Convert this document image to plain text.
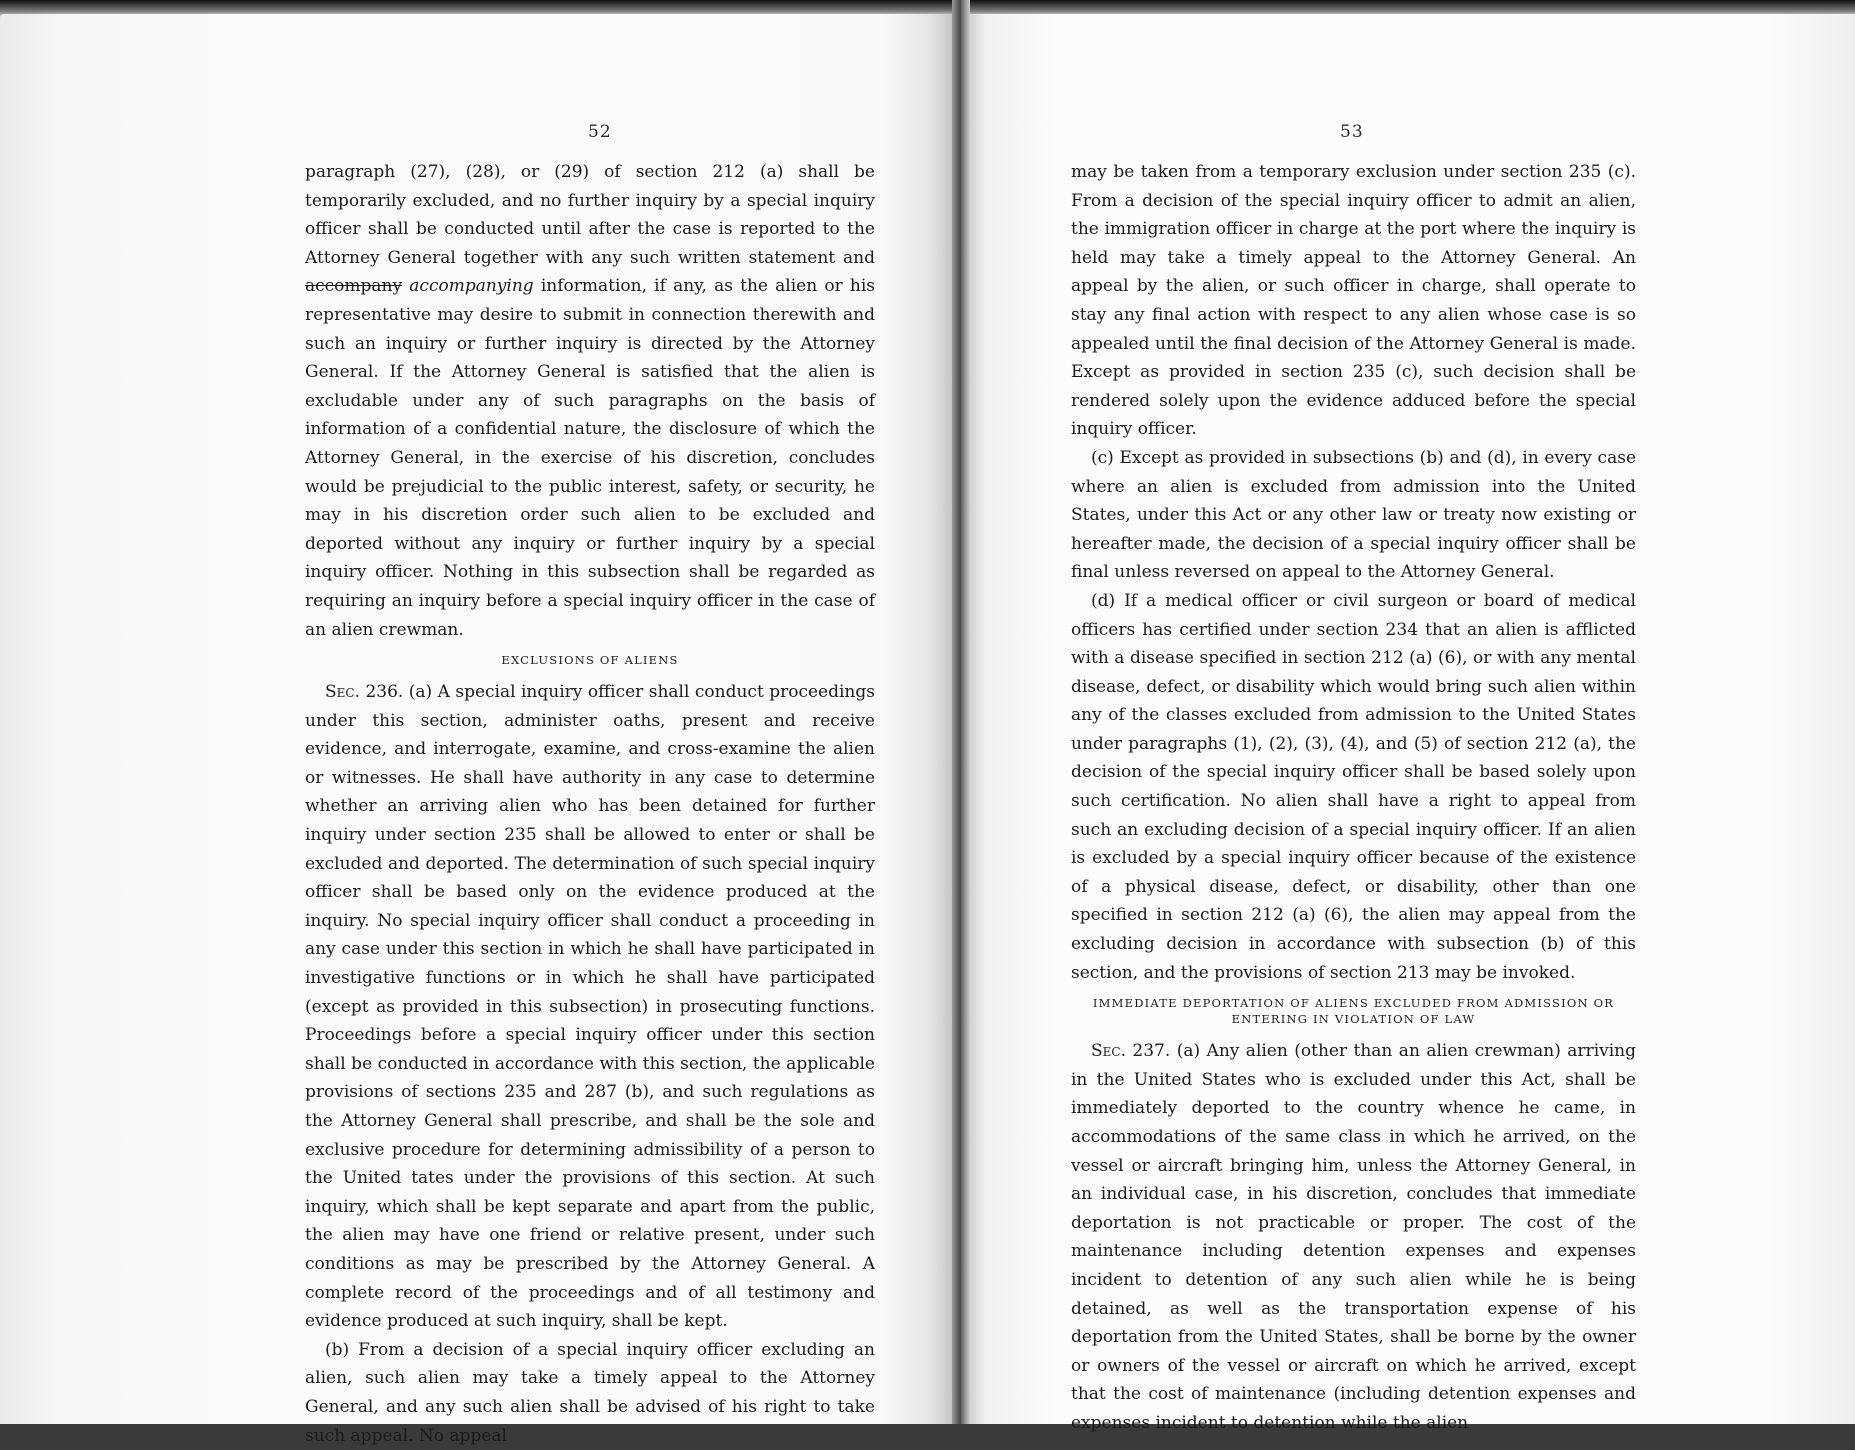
52

paragraph (27), (28), or (29) of section 212 (a) shall be temporarily excluded, and no further inquiry by a special inquiry officer shall be conducted until after the case is reported to the Attorney General together with any such written statement and accompany accompanying information, if any, as the alien or his representative may desire to submit in connection therewith and such an inquiry or further inquiry is directed by the Attorney General. If the Attorney General is satisfied that the alien is excludable under any of such paragraphs on the basis of information of a confidential nature, the disclosure of which the Attorney General, in the exercise of his discretion, concludes would be prejudicial to the public interest, safety, or security, he may in his discretion order such alien to be excluded and deported without any inquiry or further inquiry by a special inquiry officer. Nothing in this subsection shall be regarded as requiring an inquiry before a special inquiry officer in the case of an alien crewman.

EXCLUSIONS OF ALIENS

Sec. 236. (a) A special inquiry officer shall conduct proceedings under this section, administer oaths, present and receive evidence, and interrogate, examine, and cross-examine the alien or witnesses. He shall have authority in any case to determine whether an arriving alien who has been detained for further inquiry under section 235 shall be allowed to enter or shall be excluded and deported. The determination of such special inquiry officer shall be based only on the evidence produced at the inquiry. No special inquiry officer shall conduct a proceeding in any case under this section in which he shall have participated in investigative functions or in which he shall have participated (except as provided in this subsection) in prosecuting functions. Proceedings before a special inquiry officer under this section shall be conducted in accordance with this section, the applicable provisions of sections 235 and 287 (b), and such regulations as the Attorney General shall prescribe, and shall be the sole and exclusive procedure for determining admissibility of a person to the United tates under the provisions of this section. At such inquiry, which shall be kept separate and apart from the public, the alien may have one friend or relative present, under such conditions as may be prescribed by the Attorney General. A complete record of the proceedings and of all testimony and evidence produced at such inquiry, shall be kept.

(b) From a decision of a special inquiry officer excluding an alien, such alien may take a timely appeal to the Attorney General, and any such alien shall be advised of his right to take such appeal. No appeal

53

may be taken from a temporary exclusion under section 235 (c). From a decision of the special inquiry officer to admit an alien, the immigration officer in charge at the port where the inquiry is held may take a timely appeal to the Attorney General. An appeal by the alien, or such officer in charge, shall operate to stay any final action with respect to any alien whose case is so appealed until the final decision of the Attorney General is made. Except as provided in section 235 (c), such decision shall be rendered solely upon the evidence adduced before the special inquiry officer.

(c) Except as provided in subsections (b) and (d), in every case where an alien is excluded from admission into the United States, under this Act or any other law or treaty now existing or hereafter made, the decision of a special inquiry officer shall be final unless reversed on appeal to the Attorney General.

(d) If a medical officer or civil surgeon or board of medical officers has certified under section 234 that an alien is afflicted with a disease specified in section 212 (a) (6), or with any mental disease, defect, or disability which would bring such alien within any of the classes excluded from admission to the United States under paragraphs (1), (2), (3), (4), and (5) of section 212 (a), the decision of the special inquiry officer shall be based solely upon such certification. No alien shall have a right to appeal from such an excluding decision of a special inquiry officer. If an alien is excluded by a special inquiry officer because of the existence of a physical disease, defect, or disability, other than one specified in section 212 (a) (6), the alien may appeal from the excluding decision in accordance with subsection (b) of this section, and the provisions of section 213 may be invoked.

IMMEDIATE DEPORTATION OF ALIENS EXCLUDED FROM ADMISSION OR
ENTERING IN VIOLATION OF LAW

Sec. 237. (a) Any alien (other than an alien crewman) arriving in the United States who is excluded under this Act, shall be immediately deported to the country whence he came, in accommodations of the same class in which he arrived, on the vessel or aircraft bringing him, unless the Attorney General, in an individual case, in his discretion, concludes that immediate deportation is not practicable or proper. The cost of the maintenance including detention expenses and expenses incident to detention of any such alien while he is being detained, as well as the transportation expense of his deportation from the United States, shall be borne by the owner or owners of the vessel or aircraft on which he arrived, except that the cost of maintenance (including detention expenses and expenses incident to detention while the alien
